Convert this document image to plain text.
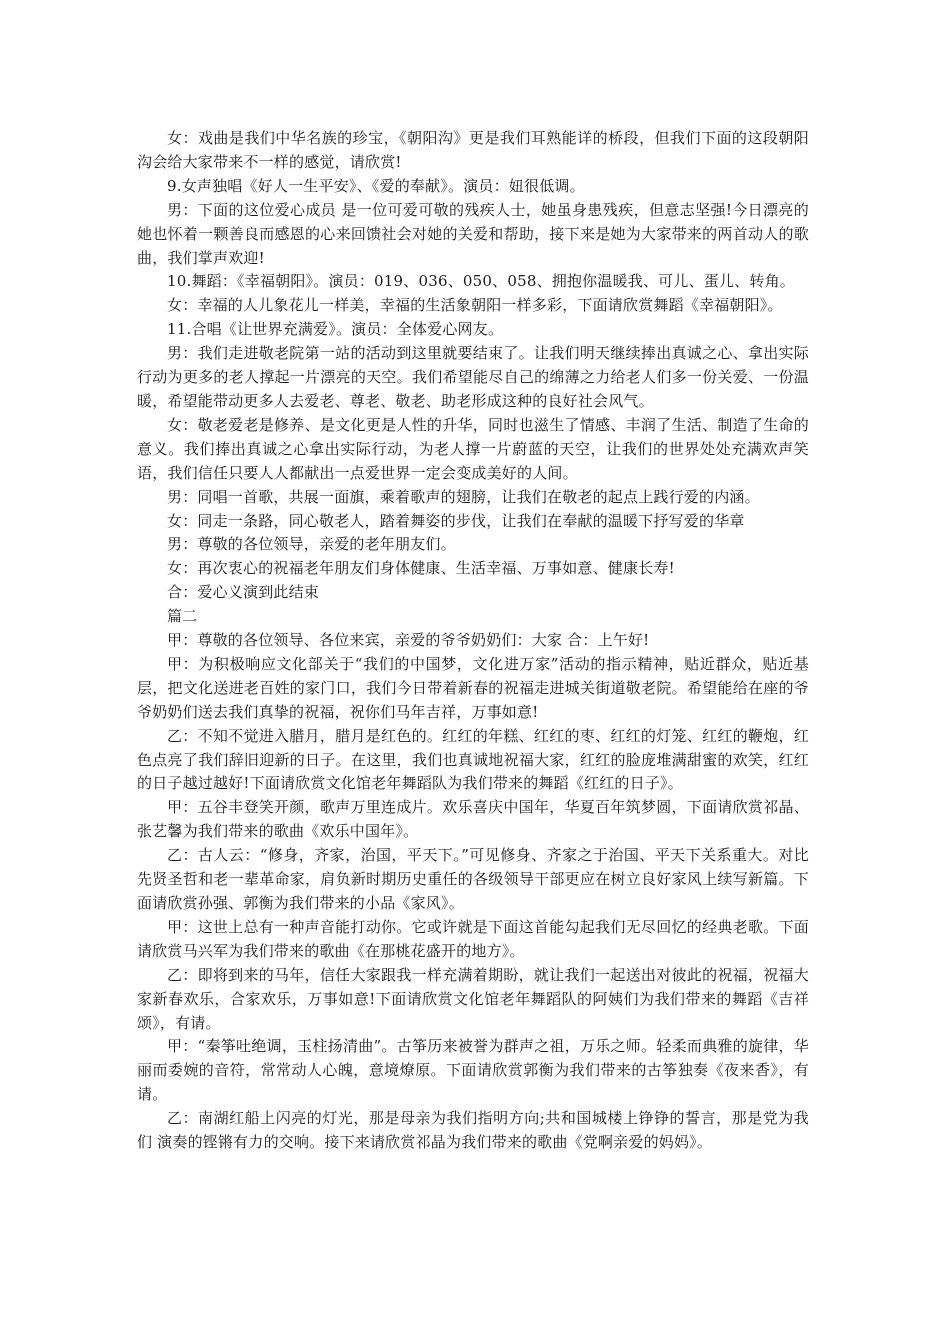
女：戏曲是我们中华名族的珍宝，《朝阳沟》更是我们耳熟能详的桥段，但我们下面的这段朝阳沟会给大家带来不一样的感觉，请欣赏!

9.女声独唱《好人一生平安》、《爱的奉献》。演员：妞很低调。

男：下面的这位爱心成员 是一位可爱可敬的残疾人士，她虽身患残疾，但意志坚强!今日漂亮的她也怀着一颗善良而感恩的心来回馈社会对她的关爱和帮助，接下来是她为大家带来的两首动人的歌曲，我们掌声欢迎!

10.舞蹈：《幸福朝阳》。演员：019、036、050、058、拥抱你温暖我、可儿、蛋儿、转角。

女：幸福的人儿象花儿一样美，幸福的生活象朝阳一样多彩，下面请欣赏舞蹈《幸福朝阳》。

11.合唱《让世界充满爱》。演员：全体爱心网友。

男：我们走进敬老院第一站的活动到这里就要结束了。让我们明天继续捧出真诚之心、拿出实际行动为更多的老人撑起一片漂亮的天空。我们希望能尽自己的绵薄之力给老人们多一份关爱、一份温暖，希望能带动更多人去爱老、尊老、敬老、助老形成这种的良好社会风气。

女：敬老爱老是修养、是文化更是人性的升华，同时也滋生了情感、丰润了生活、制造了生命的意义。我们捧出真诚之心拿出实际行动，为老人撑一片蔚蓝的天空，让我们的世界处处充满欢声笑语，我们信任只要人人都献出一点爱世界一定会变成美好的人间。

男：同唱一首歌，共展一面旗，乘着歌声的翅膀，让我们在敬老的起点上践行爱的内涵。

女：同走一条路，同心敬老人，踏着舞姿的步伐，让我们在奉献的温暖下抒写爱的华章

男：尊敬的各位领导，亲爱的老年朋友们。

女：再次衷心的祝福老年朋友们身体健康、生活幸福、万事如意、健康长寿!

合：爱心义演到此结束

篇二

甲：尊敬的各位领导、各位来宾，亲爱的爷爷奶奶们：大家 合：上午好!

甲：为积极响应文化部关于“我们的中国梦，文化进万家”活动的指示精神，贴近群众，贴近基层，把文化送进老百姓的家门口，我们今日带着新春的祝福走进城关街道敬老院。希望能给在座的爷爷奶奶们送去我们真挚的祝福，祝你们马年吉祥，万事如意!

乙：不知不觉进入腊月，腊月是红色的。红红的年糕、红红的枣、红红的灯笼、红红的鞭炮，红色点亮了我们辞旧迎新的日子。在这里，我们也真诚地祝福大家，红红的脸庞堆满甜蜜的欢笑，红红的日子越过越好!下面请欣赏文化馆老年舞蹈队为我们带来的舞蹈《红红的日子》。

甲：五谷丰登笑开颜，歌声万里连成片。欢乐喜庆中国年，华夏百年筑梦圆，下面请欣赏祁晶、张艺馨为我们带来的歌曲《欢乐中国年》。

乙：古人云：“修身，齐家，治国，平天下。”可见修身、齐家之于治国、平天下关系重大。对比先贤圣哲和老一辈革命家，肩负新时期历史重任的各级领导干部更应在树立良好家风上续写新篇。下面请欣赏孙强、郭衡为我们带来的小品《家风》。

甲：这世上总有一种声音能打动你。它或许就是下面这首能勾起我们无尽回忆的经典老歌。下面请欣赏马兴军为我们带来的歌曲《在那桃花盛开的地方》。

乙：即将到来的马年，信任大家跟我一样充满着期盼，就让我们一起送出对彼此的祝福，祝福大家新春欢乐，合家欢乐，万事如意!下面请欣赏文化馆老年舞蹈队的阿姨们为我们带来的舞蹈《吉祥颂》，有请。

甲：“秦筝吐绝调，玉柱扬清曲”。古筝历来被誉为群声之祖，万乐之师。轻柔而典雅的旋律，华丽而委婉的音符，常常动人心魄，意境燎原。下面请欣赏郭衡为我们带来的古筝独奏《夜来香》，有请。

乙：南湖红船上闪亮的灯光，那是母亲为我们指明方向;共和国城楼上铮铮的誓言，那是党为我们 演奏的铿锵有力的交响。接下来请欣赏祁晶为我们带来的歌曲《党啊亲爱的妈妈》。
